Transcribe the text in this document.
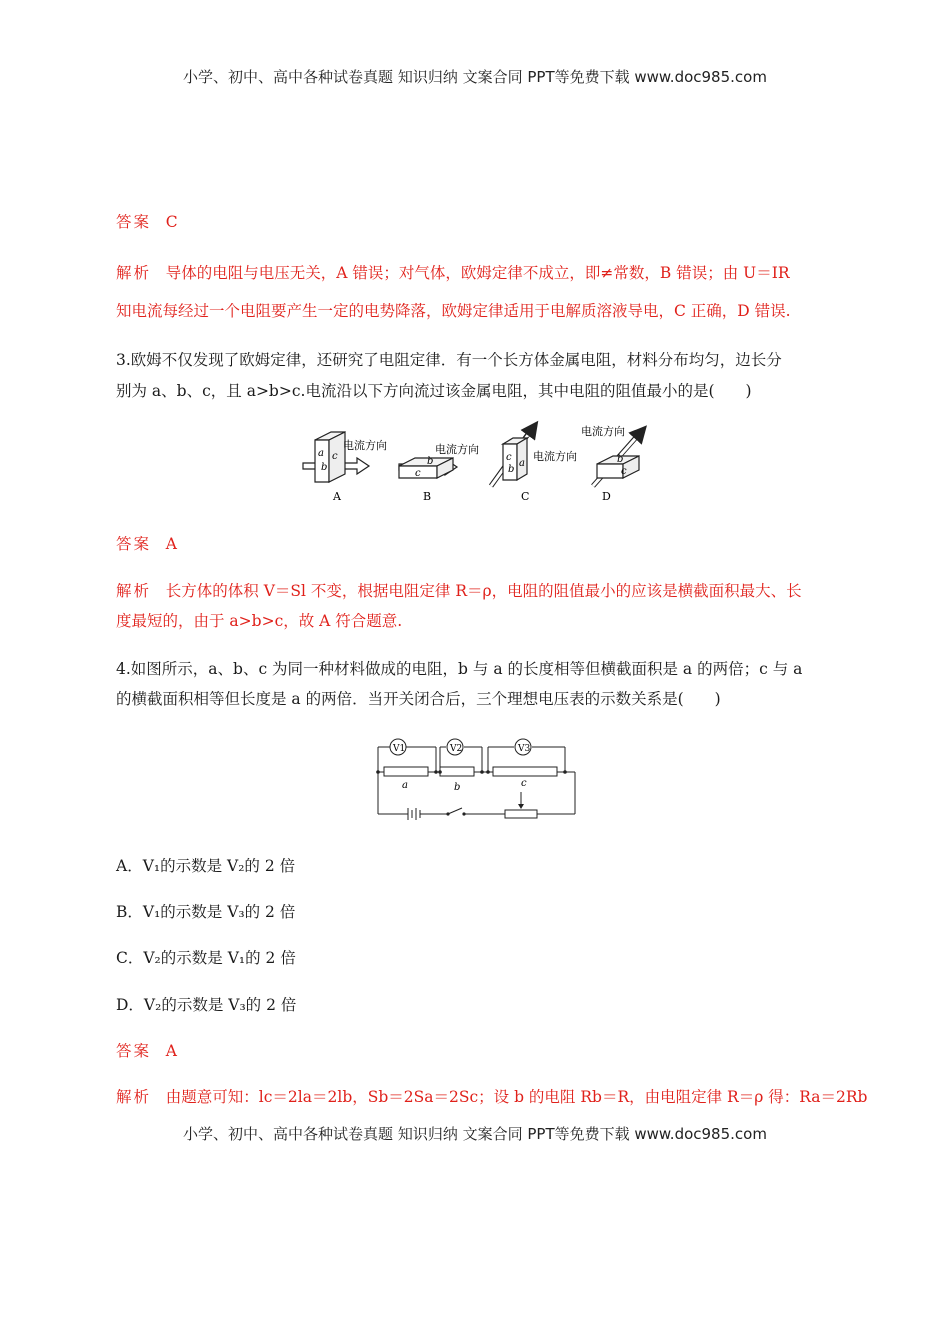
小学、初中、高中各种试卷真题 知识归纳 文案合同 PPT等免费下载 www.doc985.com
答案 C
解析 导体的电阻与电压无关，A 错误；对气体，欧姆定律不成立，即≠常数，B 错误；由 U＝IR
知电流每经过一个电阻要产生一定的电势降落，欧姆定律适用于电解质溶液导电，C 正确，D 错误.
3.欧姆不仅发现了欧姆定律，还研究了电阻定律．有一个长方体金属电阻，材料分布均匀，边长分
别为 a、b、c，且 a>b>c.电流沿以下方向流过该金属电阻，其中电阻的阻值最小的是(　　)
a c
b
电流方向
A
b
c
电流方向
B
c
b
a
电流方向
C
b
c
电流方向
D
答案 A
解析 长方体的体积 V＝Sl 不变，根据电阻定律 R＝ρ，电阻的阻值最小的应该是横截面积最大、长
度最短的，由于 a>b>c，故 A 符合题意.
4.如图所示，a、b、c 为同一种材料做成的电阻，b 与 a 的长度相等但横截面积是 a 的两倍；c 与 a
的横截面积相等但长度是 a 的两倍．当开关闭合后，三个理想电压表的示数关系是(　　)
V1	V2	V3
a	b	c
A．V₁的示数是 V₂的 2 倍
B．V₁的示数是 V₃的 2 倍
C．V₂的示数是 V₁的 2 倍
D．V₂的示数是 V₃的 2 倍
答案 A
解析 由题意可知：lc＝2la＝2lb，Sb＝2Sa＝2Sc；设 b 的电阻 Rb＝R，由电阻定律 R＝ρ 得：Ra＝2Rb
小学、初中、高中各种试卷真题 知识归纳 文案合同 PPT等免费下载 www.doc985.com
